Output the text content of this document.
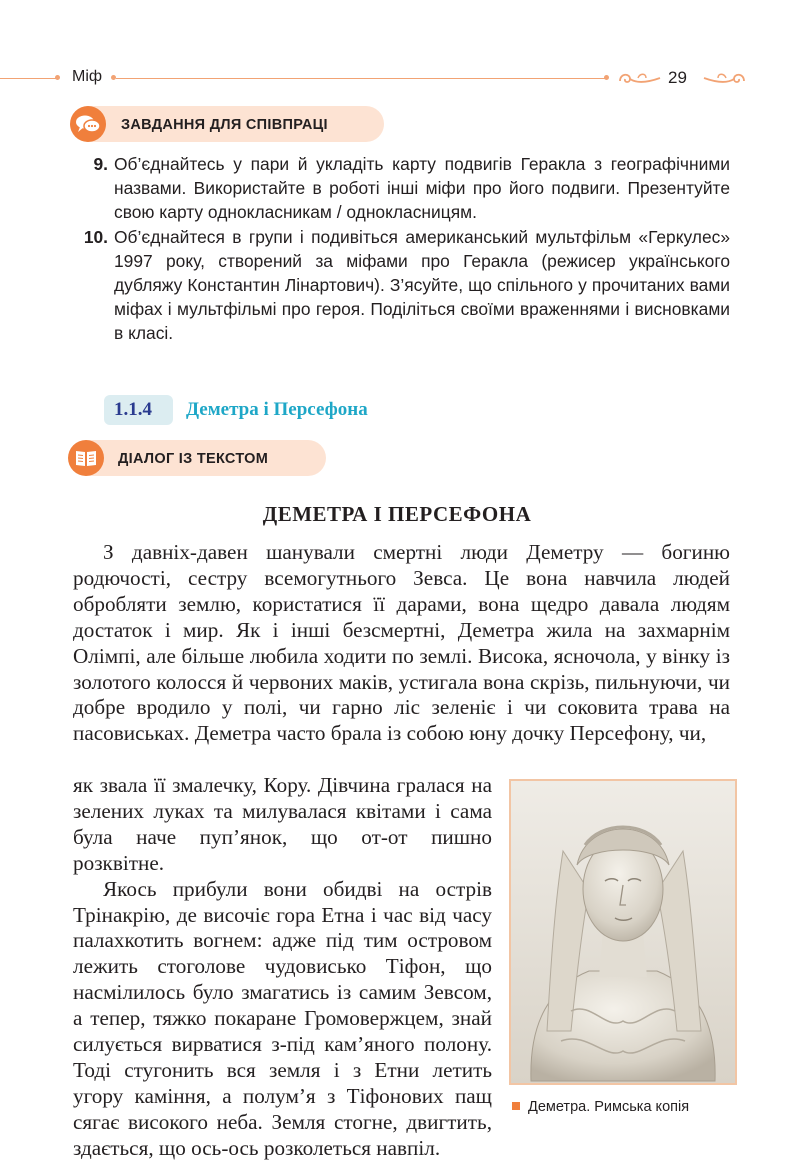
Міф	29
ЗАВДАННЯ ДЛЯ СПІВПРАЦІ
9. Об’єднайтесь у пари й укладіть карту подвигів Геракла з географічними назвами. Використайте в роботі інші міфи про його подвиги. Презентуйте свою карту однокласникам / однокласницям.
10. Об’єднайтеся в групи і подивіться американський мультфільм «Геркулес» 1997 року, створений за міфами про Геракла (режисер українського дубляжу Константин Лінартович). З’ясуйте, що спільного у прочитаних вами міфах і мультфільмі про героя. Поділіться своїми враженнями і висновками в класі.
1.1.4 Деметра і Персефона
ДІАЛОГ ІЗ ТЕКСТОМ
ДЕМЕТРА І ПЕРСЕФОНА

З давніх-давен шанували смертні люди Деметру — богиню родючості, сестру всемогутнього Зевса. Це вона навчила людей обробляти землю, користатися її дарами, вона щедро давала людям достаток і мир. Як і інші безсмертні, Деметра жила на захмарнім Олімпі, але більше любила ходити по землі. Висока, ясночола, у вінку із золотого колосся й червоних маків, устигала вона скрізь, пильнуючи, чи добре вродило у полі, чи гарно ліс зеленіє і чи соковита трава на пасовиськах. Деметра часто брала із собою юну дочку Персефону, чи,

як звала її змалечку, Кору. Дівчина гралася на зелених луках та милувалася квітами і сама була наче пуп’янок, що от-от пишно розквітне.

Якось прибули вони обидві на острів Трінакрію, де височіє гора Етна і час від часу палахкотить вогнем: адже під тим островом лежить стоголове чудовисько Тіфон, що насмілилось було змагатись із самим Зевсом, а тепер, тяжко покаране Громовержцем, знай силується вирватися з-під кам’яного полону. Тоді стугонить вся земля і з Етни летить угору каміння, а полум’я з Тіфонових пащ сягає високого неба. Земля стогне, двигтить, здається, що ось-ось розколеться навпіл.

Деметра. Римська копія
